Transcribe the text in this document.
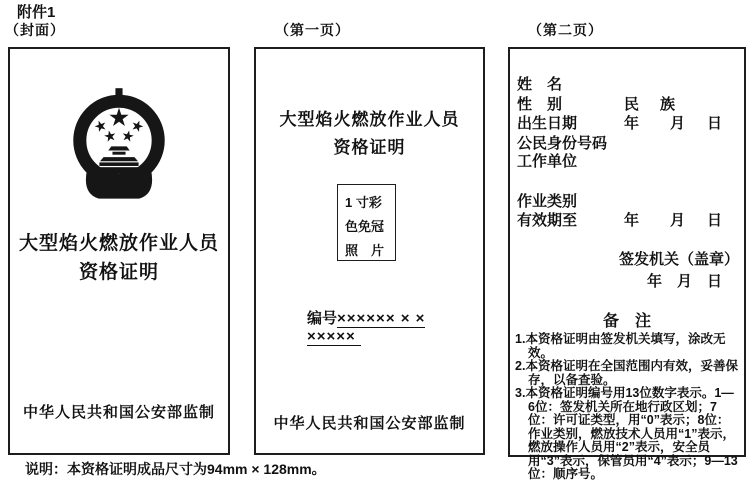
附件1
（封面）	（第一页）	（第二页）
大型焰火燃放作业人员
资格证明
中华人民共和国公安部监制
大型焰火燃放作业人员
资格证明
1 寸彩
色免冠
照　片
编号×××××× × × ×××××
中华人民共和国公安部监制
姓　名
性　别	民 族
出生日期	年 月 日
公民身份号码
工作单位
作业类别
有效期至	年 月 日
签发机关（盖章）
年　月　日
备　注
1.本资格证明由签发机关填写，涂改无效。
2.本资格证明在全国范围内有效，妥善保存，以备查验。
3.本资格证明编号用13位数字表示。1—6位：签发机关所在地行政区划；7位：许可证类型，用“0”表示；8位：作业类别，燃放技术人员用“1”表示，燃放操作人员用“2”表示，安全员用“3”表示，保管员用“4”表示；9—13位：顺序号。
说明：本资格证明成品尺寸为94mm × 128mm。
